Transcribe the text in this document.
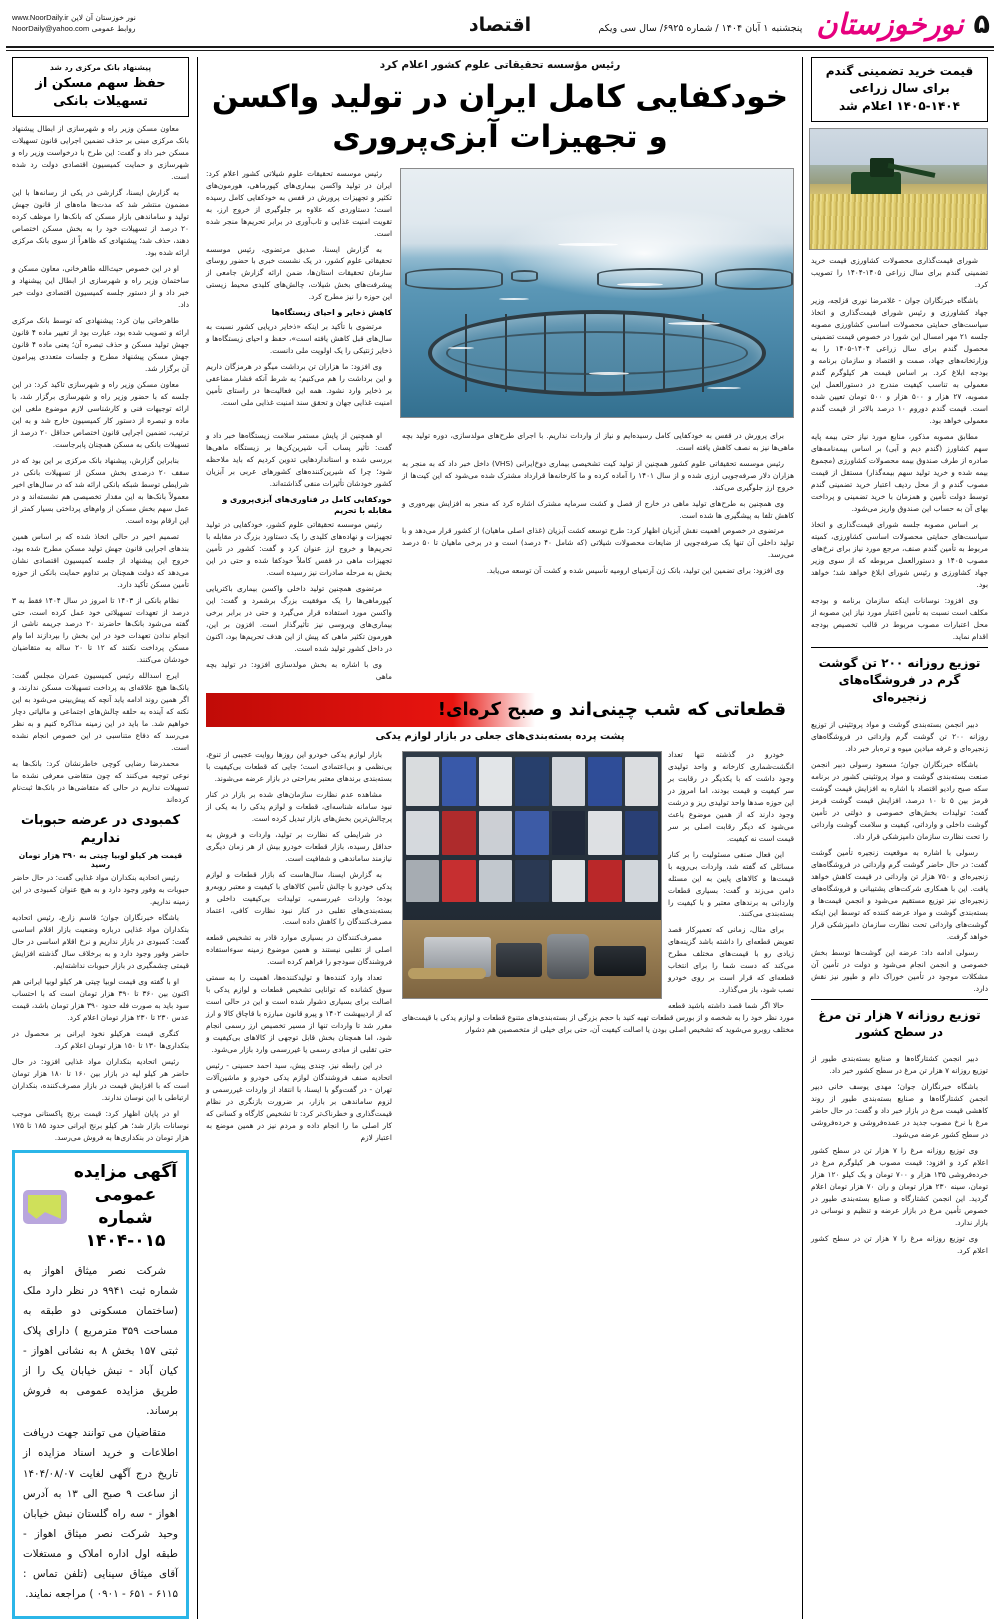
۵
نورخوزستان
پنجشنبه ۱ آبان ۱۴۰۴ / شماره ۶۹۲۵/ سال سی ویکم
اقتصاد
نور خوزستان آن لاین www.NoorDaily.ir
روابط عمومی NoorDaily@yahoo.com
قیمت خرید تضمینی گندم برای سال زراعی ۱۴۰۴-۱۴۰۵ اعلام شد

شورای قیمت‌گذاری محصولات کشاورزی قیمت خرید تضمینی گندم برای سال زراعی ۱۴۰۵-۱۴۰۴ را تصویب کرد.

باشگاه خبرنگاران جوان - غلامرضا نوری قزلجه، وزیر جهاد کشاورزی و رئیس شورای قیمت‌گذاری و اتخاذ سیاست‌های حمایتی محصولات اساسی کشاورزی مصوبه جلسه ۲۱ مهر امسال این شورا در خصوص قیمت تضمینی محصول گندم برای سال زراعی ۱۴۰۴-۱۴۰۵ را به وزارتخانه‌های جهاد، صمت و اقتصاد و سازمان برنامه و بودجه ابلاغ کرد. بر اساس قیمت هر کیلوگرم گندم معمولی به تناسب کیفیت مندرج در دستورالعمل این مصوبه، ۲۷ هزار و ۵۰۰ هزار و ۵۰۰ تومان تعیین شده است. قیمت گندم دوروم ۱۰ درصد بالاتر از قیمت گندم معمولی خواهد بود.

مطابق مصوبه مذکور، منابع مورد نیاز حتی بیمه پایه سهم کشاورز (گندم دیم و آبی) بر اساس بیمه‌نامه‌های صادره از طرف صندوق بیمه محصولات کشاورزی (مجموع بیمه شده و خرید تولید سهم بیمه‌گذار) مستقل از قیمت مصوب گندم و از محل ردیف اعتبار خرید تضمینی گندم توسط دولت تأمین و همزمان با خرید تضمینی و پرداخت بهای آن به حساب این صندوق واریز می‌شود.

بر اساس مصوبه جلسه شورای قیمت‌گذاری و اتخاذ سیاست‌های حمایتی محصولات اساسی کشاورزی، کمیته مربوط به تأمین گندم صنف، مرجع مورد نیاز برای نرخ‌های مصوب ۱۴۰۵ و دستورالعمل مربوطه که از سوی وزیر جهاد کشاورزی و رئیس شورای ابلاغ خواهد شد؛ خواهد بود.

وی افزود: نوسانات اینکه سازمان برنامه و بودجه مکلف است نسبت به تأمین اعتبار مورد نیاز این مصوبه از محل اعتبارات مصوب مربوط در قالب تخصیص بودجه اقدام نماید.

توزیع روزانه ۲۰۰ تن گوشت گرم در فروشگاه‌های زنجیره‌ای

دبیر انجمن بسته‌بندی گوشت و مواد پروتئینی از توزیع روزانه ۲۰۰ تن گوشت گرم وارداتی در فروشگاه‌های زنجیره‌ای و غرفه میادین میوه و تره‌بار خبر داد.

باشگاه خبرنگاران جوان؛ مسعود رسولی دبیر انجمن صنعت بسته‌بندی گوشت و مواد پروتئینی کشور در برنامه سکه صبح رادیو اقتصاد با اشاره به افزایش قیمت گوشت قرمز بین ۵ تا ۱۰ درصد، افزایش قیمت گوشت قرمز گفت: تولیدات بخش‌های خصوصی و دولتی در تأمین گوشت داخلی و وارداتی، کیفیت و سلامت گوشت وارداتی را تحت نظارت سازمان دامپزشکی قرار داد.

رسولی با اشاره به موقعیت زنجیره تأمین گوشت گفت: در حال حاضر گوشت گرم وارداتی در فروشگاه‌های زنجیره‌ای و ۷۵۰ هزار تن وارداتی در قیمت کاهش خواهد یافت. این با همکاری شرکت‌های پشتیبانی و فروشگاه‌های زنجیره‌ای نیز توزیع مستقیم می‌شود و انجمن قیمت‌ها و بسته‌بندی گوشت و مواد عرضه کننده که توسط این اینکه گوشت‌های وارداتی تحت نظارت سازمان دامپزشکی قرار خواهد گرفت.

رسولی ادامه داد: عرضه این گوشت‌ها توسط بخش خصوصی و انجمن انجام می‌شود و دولت در تأمین آن مشکلات موجود در تأمین خوراک دام و طیور نیز نقش دارد.

توزیع روزانه ۷ هزار تن مرغ در سطح کشور

دبیر انجمن کشتارگاه‌ها و صنایع بسته‌بندی طیور از توزیع روزانه ۷ هزار تن مرغ در سطح کشور خبر داد.

باشگاه خبرنگاران جوان؛ مهدی یوسف خانی دبیر انجمن کشتارگاه‌ها و صنایع بسته‌بندی طیور از روند کاهشی قیمت مرغ در بازار خبر داد و گفت: در حال حاضر مرغ با نرخ مصوب جدید در عمده‌فروشی و خرده‌فروشی در سطح کشور عرضه می‌شود.

وی توزیع روزانه مرغ را ۷ هزار تن در سطح کشور اعلام کرد و افزود: قیمت مصوب هر کیلوگرم مرغ در خرده‌فروشی ۱۳۵ هزار و ۷۰۰ تومان و یک کیلو ۱۲۰ هزار تومان، سینه ۲۳۰ هزار تومان و ران ۷۰ هزار تومان اعلام گردید. این انجمن کشتارگاه و صنایع بسته‌بندی طیور در خصوص تأمین مرغ در بازار عرضه و تنظیم و نوسانی در بازار ندارد.

وی توزیع روزانه مرغ را ۷ هزار تن در سطح کشور اعلام کرد.

رئیس مؤسسه تحقیقاتی علوم کشور اعلام کرد
خودکفایی کامل ایران در تولید واکسن
و تجهیزات آبزی‌پروری

رئیس موسسه تحقیقات علوم شیلاتی کشور اعلام کرد: ایران در تولید واکسن بیماری‌های کپورماهی، هورمون‌های تکثیر و تجهیزات پرورش در قفس به خودکفایی کامل رسیده است؛ دستاوردی که علاوه بر جلوگیری از خروج ارز، به تقویت امنیت غذایی و تاب‌آوری در برابر تحریم‌ها منجر شده است.

به گزارش ایسنا، صدیق مرتضوی، رئیس موسسه تحقیقاتی علوم کشور، در یک نشست خبری با حضور روسای سازمان تحقیقات استان‌ها، ضمن ارائه گزارش جامعی از پیشرفت‌های بخش شیلات، چالش‌های کلیدی محیط زیستی این حوزه را نیز مطرح کرد.

کاهش ذخایر و احیای زیستگاه‌ها

مرتضوی با تأکید بر اینکه «ذخایر دریایی کشور نسبت به سال‌های قبل کاهش یافته است»، حفظ و احیای زیستگاه‌ها و ذخایر ژنتیکی را یک اولویت ملی دانست.

وی افزود: ما هزاران تن برداشت میگو در هرمزگان داریم و این برداشت را هم می‌کنیم؛ به شرط آنکه فشار مضاعفی بر ذخایر وارد نشود. همه این فعالیت‌ها در راستای تأمین امنیت غذایی جهان و تحقق سند امنیت غذایی ملی است.

برای پرورش در قفس به خودکفایی کامل رسیده‌ایم و نیاز از واردات نداریم. با اجرای طرح‌های مولدسازی، دوره تولید بچه ماهی‌ها نیز به نصف کاهش یافته است.

رئیس موسسه تحقیقاتی علوم کشور همچنین از تولید کیت تشخیصی بیماری دوخ‌ایرانی (VHS) داخل خبر داد که به منجر به هزاران دلار صرفه‌جویی ارزی شده و از سال ۱۴۰۱ را آماده کرده و ما کارخانه‌ها قرارداد مشترک شده می‌شود که این کیت‌ها از خروج ارز جلوگیری می‌کند.

وی همچنین به طرح‌های تولید ماهی در خارج از فصل و کشت سرمایه مشترک اشاره کرد که منجر به افزایش بهره‌وری و کاهش تلفا به پیشگیری ها شده است.

مرتضوی در خصوص اهمیت نقش آبزیان اظهار کرد: طرح توسعه کشت آبزیان (غذای اصلی ماهیان) از کشور قرار می‌دهد و با تولید داخلی آن تنها یک صرفه‌جویی از ضایعات محصولات شیلاتی (که شامل ۴۰ درصد) است و در برخی ماهیان تا ۵۰ درصد می‌رسد.

وی افزود: برای تضمین این تولید، بانک ژن آرتمیای ارومیه تأسیس شده و کشت آن توسعه می‌یابد.

او همچنین از پایش مستمر سلامت زیستگاه‌ها خبر داد و گفت: تأثیر پساب آب شیرین‌کن‌ها بر زیستگاه ماهی‌ها بررسی شده و استانداردهایی تدوین کردیم که باید ملاحظه شود؛ چرا که شیرین‌کننده‌های کشورهای عربی بر آبزیان کشور خودشان تأثیرات منفی گذاشته‌اند.

خودکفایی کامل در فناوری‌های آبزی‌پروری و مقابله با تحریم

رئیس موسسه تحقیقاتی علوم کشور، خودکفایی در تولید تجهیزات و نهاده‌های کلیدی را یک دستاورد بزرگ در مقابله با تحریم‌ها و خروج ارز عنوان کرد و گفت: کشور در تأمین تجهیزات ماهی در قفس کاملاً خودکفا شده و حتی در این بخش به مرحله صادرات نیز رسیده است.

مرتضوی همچنین تولید داخلی واکسن بیماری باکتریایی کپورماهی‌ها را یک موفقیت بزرگ برشمرد و گفت: این واکسن مورد استفاده قرار می‌گیرد و حتی در برابر برخی بیماری‌های ویروسی نیز تأثیرگذار است. افزون بر این، هورمون تکثیر ماهی که پیش از این هدف تحریم‌ها بود، اکنون در داخل کشور تولید شده است.

وی با اشاره به بخش مولدسازی افزود: در تولید بچه ماهی

قطعاتی که شب چینی‌اند و صبح کره‌ای!
پشت پرده بسته‌بندی‌های جعلی در بازار لوازم یدکی

خودرو در گذشته تنها تعداد انگشت‌شماری کارخانه و واحد تولیدی وجود داشت که با یکدیگر در رقابت بر سر کیفیت و قیمت بودند، اما امروز در این حوزه صدها واحد تولیدی ریز و درشت وجود دارند که از همین موضوع باعث می‌شود که دیگر رقابت اصلی بر سر قیمت است نه کیفیت.

این فعال صنفی مسئولیت را بر کنار مسائلی که گفته شد، واردات بی‌رویه با قیمت‌ها و کالاهای پایین به این مسئله دامن می‌زند و گفت: بسیاری قطعات وارداتی به برندهای معتبر و با کیفیت را بسته‌بندی می‌کنند.

برای مثال، زمانی که تعمیرکار قصد تعویض قطعه‌ای را داشته باشد گزینه‌های زیادی رو با قیمت‌های مختلف مطرح می‌کند که دست شما را برای انتخاب قطعه‌ای که قرار است بر روی خودرو نصب شود، باز می‌گذارد.

حالا اگر شما قصد داشته باشید قطعه مورد نظر خود را به شخصه و از بورس قطعات تهیه کنید با حجم بزرگی از بسته‌بندی‌های متنوع قطعات و لوازم یدکی با قیمت‌های مختلف روبرو می‌شوید که تشخیص اصلی بودن یا اصالت کیفیت آن، حتی برای خیلی از متخصصین هم دشوار

بازار لوازم یدکی خودرو این روزها روایت عجیبی از تنوع، بی‌نظمی و بی‌اعتمادی است؛ جایی که قطعات بی‌کیفیت با بسته‌بندی برندهای معتبر به‌راحتی در بازار عرضه می‌شوند.

مشاهده عدم نظارت سازمان‌های شده بر بازار در کنار نبود سامانه شناسه‌ای، قطعات و لوازم یدکی را به یکی از پرچالش‌ترین بخش‌های بازار تبدیل کرده است.

در شرایطی که نظارت بر تولید، واردات و فروش به حداقل رسیده، بازار قطعات خودرو بیش از هر زمان دیگری نیازمند ساماندهی و شفافیت است.

به گزارش ایسنا، سال‌هاست که بازار قطعات و لوازم یدکی خودرو با چالش تأمین کالاهای با کیفیت و معتبر روبه‌رو بوده؛ واردات غیررسمی، تولیدات بی‌کیفیت داخلی و بسته‌بندی‌های تقلبی در کنار نبود نظارت کافی، اعتماد مصرف‌کنندگان را کاهش داده است.

مصرف‌کنندگان در بسیاری موارد قادر به تشخیص قطعه اصلی از تقلبی نیستند و همین موضوع زمینه سوءاستفاده فروشندگان سودجو را فراهم کرده است.

تعداد وارد کننده‌ها و تولیدکننده‌ها، اهمیت را به سمتی سوق کشانده که توانایی تشخیص قطعات و لوازم یدکی با اصالت برای بسیاری دشوار شده است و این در حالی است که از اردیبهشت ۱۴۰۲ و پیرو قانون مبارزه با قاچاق کالا و ارز مقرر شد تا واردات تنها از مسیر تخصیص ارز رسمی انجام شود، اما همچنان بخش قابل توجهی از کالاهای بی‌کیفیت و حتی تقلبی از مبادی رسمی یا غیررسمی وارد بازار می‌شود.

در این رابطه نیز، چندی پیش، سید احمد حسینی - رئیس اتحادیه صنف فروشندگان لوازم یدکی خودرو و ماشین‌آلات تهران - در گفت‌وگو با ایسنا، با انتقاد از واردات غیررسمی و لزوم ساماندهی بر بازار، بر ضرورت بازنگری در نظام قیمت‌گذاری و خطرناک‌تر کرد: تا تشخیص کارگاه و کسانی که کار اصلی ما را انجام داده و مردم نیز در همین موضع به اعتبار لازم

پیشنهاد بانک مرکزی رد شد
حفظ سهم مسکن از تسهیلات بانکی

معاون مسکن وزیر راه و شهرسازی از ابطال پیشنهاد بانک مرکزی مبنی بر حذف تضمین اجرایی قانون تسهیلات مسکن خبر داد و گفت: این طرح با درخواست وزیر راه و شهرسازی و حمایت کمیسیون اقتصادی دولت رد شده است.

به گزارش ایسنا، گزارشی در یکی از رسانه‌ها با این مضمون منتشر شد که مدت‌ها ماه‌های از قانون جهش تولید و ساماندهی بازار مسکن که بانک‌ها را موظف کرده ۲۰ درصد از تسهیلات خود را به بخش مسکن اختصاص دهند، حذف شد؛ پیشنهادی که ظاهراً از سوی بانک مرکزی ارائه شده بود.

او در این خصوص حیث‌الله طاهرخانی، معاون مسکن و ساختمان وزیر راه و شهرسازی از ابطال این پیشنهاد و خبر داد و از دستور جلسه کمیسیون اقتصادی دولت خبر داد.

طاهرخانی بیان کرد: پیشنهادی که توسط بانک مرکزی ارائه و تصویب شده بود، عبارت بود از تغییر ماده ۴ قانون جهش تولید مسکن و حذف تبصره آن؛ یعنی ماده ۴ قانون جهش مسکن پیشنهاد مطرح و جلسات متعددی پیرامون آن برگزار شد.

معاون مسکن وزیر راه و شهرسازی تاکید کرد: در این جلسه که با حضور وزیر راه و شهرسازی برگزار شد، با ارائه توجیهات فنی و کارشناسی لازم موضوع ملغی این ماده و تبصره از دستور کار کمیسیون خارج شد و به این ترتیب، تضمین اجرایی قانون اختصاص حداقل ۲۰ درصد از تسهیلات بانکی به مسکن همچنان پابرجاست.

بنابراین گزارش، پیشنهاد بانک مرکزی بر این بود که در سقف ۲۰ درصدی بخش مسکن از تسهیلات بانکی در شرایطی توسط شبکه بانکی ارائه شد که در سال‌های اخیر معمولاً بانک‌ها به این مقدار تخصیصی هم نشسته‌اند و در عمل سهم بخش مسکن از وام‌های پرداختی بسیار کمتر از این ارقام بوده است.

تصمیم اخیر در حالی اتخاذ شده که بر اساس همین بندهای اجرایی قانون جهش تولید مسکن مطرح شده بود، خروج این پیشنهاد از جلسه کمیسیون اقتصادی نشان می‌دهد که دولت همچنان بر تداوم حمایت بانکی از حوزه تأمین مسکن تأکید دارد.

نظام بانکی از ۱۴۰۳ تا امروز در سال ۱۴۰۴ فقط به ۳ درصد از تعهدات تسهیلاتی خود عمل کرده است، حتی گفته می‌شود بانک‌ها حاضرند ۲۰ درصد جریمه ناشی از انجام ندادن تعهدات خود در این بخش را بپردازند اما وام مسکن پرداخت نکنند که ۱۲ تا ۲۰ ساله به متقاضیان خودشان می‌کنند.

ایرج اسدالله رئیس کمیسیون عمران مجلس گفت: بانک‌ها هیچ علاقه‌ای به پرداخت تسهیلات مسکن ندارند، و اگر همین روند ادامه یابد آنچه که پیش‌بینی می‌شود به این نکته که آینده به حلقه چالش‌های اجتماعی و مالیاتی دچار خواهیم شد. ما باید در این زمینه مذاکره کنیم و به نظر می‌رسد که دفاع متناسبی در این خصوص انجام نشده است.

محمدرضا رضایی کوچی خاطرنشان کرد: بانک‌ها به نوعی توجیه می‌کنند که چون متقاضی معرفی نشده ما تسهیلات نداریم در حالی که متقاضی‌ها در بانک‌ها ثبت‌نام کرده‌اند

کمبودی در عرضه حبوبات نداریم
قیمت هر کیلو لوبیا چیتی به ۳۹۰ هزار تومان رسید

رئیس اتحادیه بنکداران مواد غذایی گفت: در حال حاضر حبوبات به وفور وجود دارد و به هیچ عنوان کمبودی در این زمینه نداریم.

باشگاه خبرنگاران جوان؛ قاسم زارع، رئیس اتحادیه بنکداران مواد غذایی درباره وضعیت بازار اقلام اساسی گفت: کمبودی در بازار نداریم و نرخ اقلام اساسی در حال حاضر وفور وجود دارد و به برخلاف سال گذشته افزایش قیمتی چشمگیری در بازار حبوبات نداشته‌ایم.

او با گفته وی قیمت لوبیا چیتی هر کیلو لوبیا ایرانی هم اکنون بین ۳۶۰ تا ۳۹۰ هزار تومان است که با احتساب سود باید به صورت فله حدود ۳۹۰ هزار تومان باشد، قیمت عدس ۲۳۰ تا ۲۳۰ هزار تومان اعلام کرد.

کنگری قیمت هرکیلو نخود ایرانی بر محصول در بنکداری‌ها ۱۳۰ تا ۱۵۰ هزار تومان اعلام کرد.

رئیس اتحادیه بنکداران مواد غذایی افزود: در حال حاضر هر کیلو لپه در بازار بین ۱۶۰ تا ۱۸۰ هزار تومان است که با افزایش قیمت در بازار مصرف‌کننده، بنکداران ارتباطی با این نوسان ندارند.

او در پایان اظهار کرد: قیمت برنج پاکستانی موجب نوسانات بازار شد؛ هر کیلو برنج ایرانی حدود ۱۸۵ تا ۱۷۵ هزار تومان در بنکداری‌ها به فروش می‌رسد.

آگهی مزایده عمومی
شماره ۰۱۵-۱۴۰۴

شرکت نصر میثاق اهواز به شماره ثبت ۹۹۴۱ در نظر دارد ملک (ساختمان مسکونی دو طبقه به مساحت ۳۵۹ مترمربع ) دارای پلاک ثبتی ۱۵۷ بخش ۸ به نشانی اهواز - کیان آباد - نبش خیابان یک را از طریق مزایده عمومی به فروش برساند.

متقاضیان می توانند جهت دریافت اطلاعات و خرید اسناد مزایده از تاریخ درج آگهی لغایت ۱۴۰۴/۰۸/۰۷ از ساعت ۹ صبح الی ۱۳ به آدرس اهواز - سه راه گلستان نبش خیابان وحید شرکت نصر میثاق اهواز - طبقه اول اداره املاک و مستغلات آقای میثاق سینایی (تلفن تماس : ۶۱۱۵ - ۶۵۱ - ۰۹۰۱ ) مراجعه نمایند.
